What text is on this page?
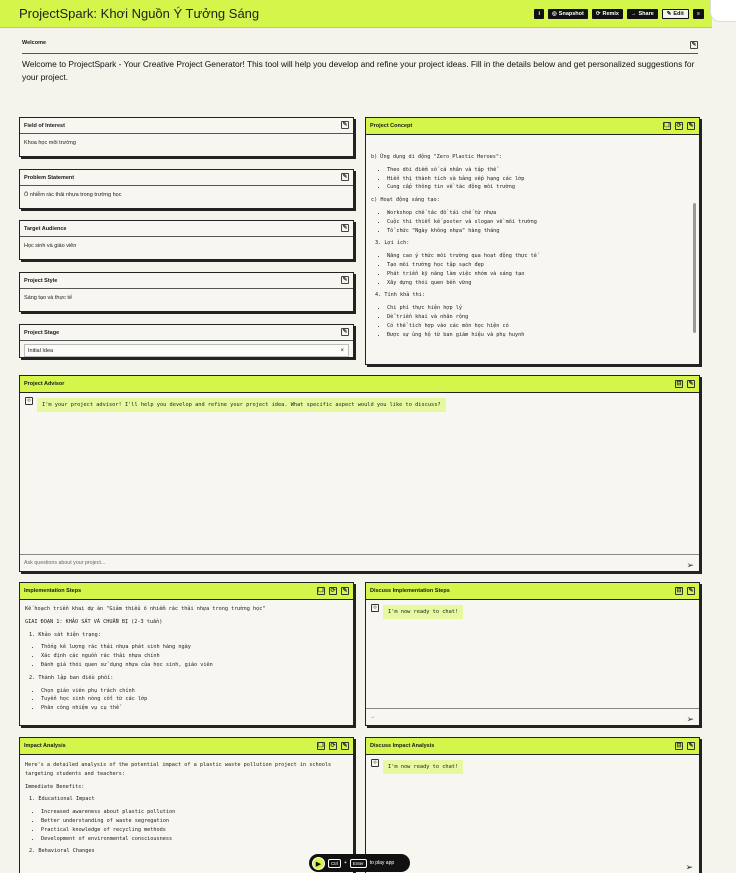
ProjectSpark: Khơi Nguồn Ý Tưởng Sáng	i ◎ Snapshot ⟳ Remix → Share ✎ Edit ≡
Welcome	✎
Welcome to ProjectSpark - Your Creative Project Generator! This tool will help you develop and refine your project ideas. Fill in the details below and get personalized suggestions for your project.
Field of Interest	✎
Khoa học môi trường
Problem Statement	✎
Ô nhiễm rác thải nhựa trong trường học
Target Audience	✎
Học sinh và giáo viên
Project Style	✎
Sáng tạo và thực tế
Project Stage	✎
Initial Idea	×
Project Concept	❐ ⟳ ✎

b) Ứng dụng di động "Zero Plastic Heroes":

• Theo dõi điểm số cá nhân và tập thể
• Hiển thị thành tích và bảng xếp hạng các lớp
• Cung cấp thông tin về tác động môi trường

c) Hoạt động sáng tạo:

• Workshop chế tác đồ tái chế từ nhựa
• Cuộc thi thiết kế poster và slogan về môi trường
• Tổ chức "Ngày không nhựa" hàng tháng

3. Lợi ích:

• Nâng cao ý thức môi trường qua hoạt động thực tế
• Tạo môi trường học tập sạch đẹp
• Phát triển kỹ năng làm việc nhóm và sáng tạo
• Xây dựng thói quen bền vững

4. Tính khả thi:

• Chi phí thực hiện hợp lý
• Dễ triển khai và nhân rộng
• Có thể tích hợp vào các môn học hiện có
• Được sự ủng hộ từ ban giám hiệu và phụ huynh
Project Advisor	⊟ ✎
☺
I'm your project advisor! I'll help you develop and refine your project idea. What specific aspect would you like to discuss?
Ask questions about your project...	➢
Implementation Steps	❐ ⟳ ✎

Kế hoạch triển khai dự án "Giảm thiểu ô nhiễm rác thải nhựa trong trường học"

GIAI ĐOẠN 1: KHẢO SÁT VÀ CHUẨN BỊ (2-3 tuần)

1. Khảo sát hiện trạng:

• Thống kê lượng rác thải nhựa phát sinh hàng ngày
• Xác định các nguồn rác thải nhựa chính
• Đánh giá thói quen sử dụng nhựa của học sinh, giáo viên

2. Thành lập ban điều phối:

• Chọn giáo viên phụ trách chính
• Tuyển học sinh nòng cốt từ các lớp
• Phân công nhiệm vụ cụ thể
Discuss Implementation Steps	⊟ ✎
☺
I'm now ready to chat!
→	➢
Impact Analysis	❐ ⟳ ✎

Here's a detailed analysis of the potential impact of a plastic waste pollution project in schools targeting students and teachers:

Immediate Benefits:

1. Educational Impact

• Increased awareness about plastic pollution
• Better understanding of waste segregation
• Practical knowledge of recycling methods
• Development of environmental consciousness

2. Behavioral Changes

Discuss Impact Analysis	⊟ ✎
☺
I'm now ready to chat!
➢
▶	Ctrl	+	Enter	to play app
